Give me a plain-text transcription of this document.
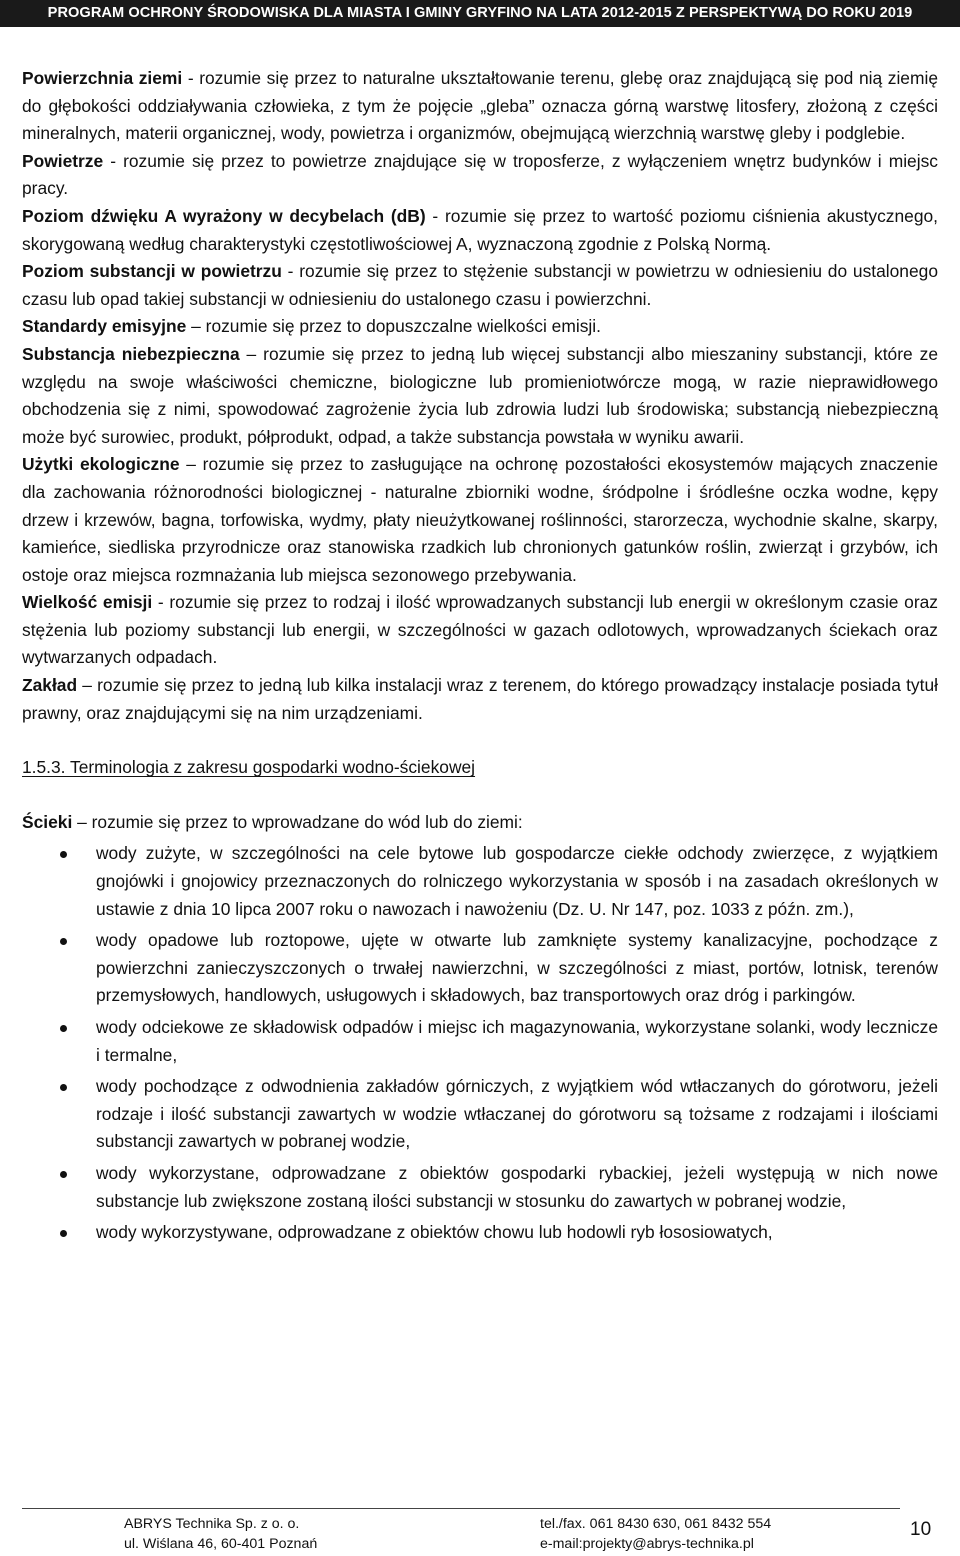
PROGRAM OCHRONY ŚRODOWISKA DLA MIASTA I GMINY GRYFINO NA LATA 2012-2015 Z PERSPEKTYWĄ DO ROKU 2019

Powierzchnia ziemi - rozumie się przez to naturalne ukształtowanie terenu, glebę oraz znajdującą się pod nią ziemię do głębokości oddziaływania człowieka, z tym że pojęcie „gleba” oznacza górną warstwę litosfery, złożoną z części mineralnych, materii organicznej, wody, powietrza i organizmów, obejmującą wierzchnią warstwę gleby i podglebie.

Powietrze - rozumie się przez to powietrze znajdujące się w troposferze, z wyłączeniem wnętrz budynków i miejsc pracy.

Poziom dźwięku A wyrażony w decybelach (dB) - rozumie się przez to wartość poziomu ciśnienia akustycznego, skorygowaną według charakterystyki częstotliwościowej A, wyznaczoną zgodnie z Polską Normą.

Poziom substancji w powietrzu - rozumie się przez to stężenie substancji w powietrzu w odniesieniu do ustalonego czasu lub opad takiej substancji w odniesieniu do ustalonego czasu i powierzchni.

Standardy emisyjne – rozumie się przez to dopuszczalne wielkości emisji.

Substancja niebezpieczna – rozumie się przez to jedną lub więcej substancji albo mieszaniny substancji, które ze względu na swoje właściwości chemiczne, biologiczne lub promieniotwórcze mogą, w razie nieprawidłowego obchodzenia się z nimi, spowodować zagrożenie życia lub zdrowia ludzi lub środowiska; substancją niebezpieczną może być surowiec, produkt, półprodukt, odpad, a także substancja powstała w wyniku awarii.

Użytki ekologiczne – rozumie się przez to zasługujące na ochronę pozostałości ekosystemów mających znaczenie dla zachowania różnorodności biologicznej - naturalne zbiorniki wodne, śródpolne i śródleśne oczka wodne, kępy drzew i krzewów, bagna, torfowiska, wydmy, płaty nieużytkowanej roślinności, starorzecza, wychodnie skalne, skarpy, kamieńce, siedliska przyrodnicze oraz stanowiska rzadkich lub chronionych gatunków roślin, zwierząt i grzybów, ich ostoje oraz miejsca rozmnażania lub miejsca sezonowego przebywania.

Wielkość emisji - rozumie się przez to rodzaj i ilość wprowadzanych substancji lub energii w określonym czasie oraz stężenia lub poziomy substancji lub energii, w szczególności w gazach odlotowych, wprowadzanych ściekach oraz wytwarzanych odpadach.

Zakład – rozumie się przez to jedną lub kilka instalacji wraz z terenem, do którego prowadzący instalacje posiada tytuł prawny, oraz znajdującymi się na nim urządzeniami.

1.5.3. Terminologia z zakresu gospodarki wodno-ściekowej

Ścieki – rozumie się przez to wprowadzane do wód lub do ziemi:

wody zużyte, w szczególności na cele bytowe lub gospodarcze ciekłe odchody zwierzęce, z wyjątkiem gnojówki i gnojowicy przeznaczonych do rolniczego wykorzystania w sposób i na zasadach określonych w ustawie z dnia 10 lipca 2007 roku o nawozach i nawożeniu (Dz. U. Nr 147, poz. 1033 z późn. zm.),
wody opadowe lub roztopowe, ujęte w otwarte lub zamknięte systemy kanalizacyjne, pochodzące z powierzchni zanieczyszczonych o trwałej nawierzchni, w szczególności z miast, portów, lotnisk, terenów przemysłowych, handlowych, usługowych i składowych, baz transportowych oraz dróg i parkingów.
wody odciekowe ze składowisk odpadów i miejsc ich magazynowania, wykorzystane solanki, wody lecznicze i termalne,
wody pochodzące z odwodnienia zakładów górniczych, z wyjątkiem wód wtłaczanych do górotworu, jeżeli rodzaje i ilość substancji zawartych w wodzie wtłaczanej do górotworu są tożsame z rodzajami i ilościami substancji zawartych w pobranej wodzie,
wody wykorzystane, odprowadzane z obiektów gospodarki rybackiej, jeżeli występują w nich nowe substancje lub zwiększone zostaną ilości substancji w stosunku do zawartych w pobranej wodzie,
wody wykorzystywane, odprowadzane z obiektów chowu lub hodowli ryb łososiowatych,
ABRYS Technika Sp. z o. o.
ul. Wiślana 46, 60-401 Poznań
tel./fax. 061 8430 630, 061 8432 554
e-mail:projekty@abrys-technika.pl
10
